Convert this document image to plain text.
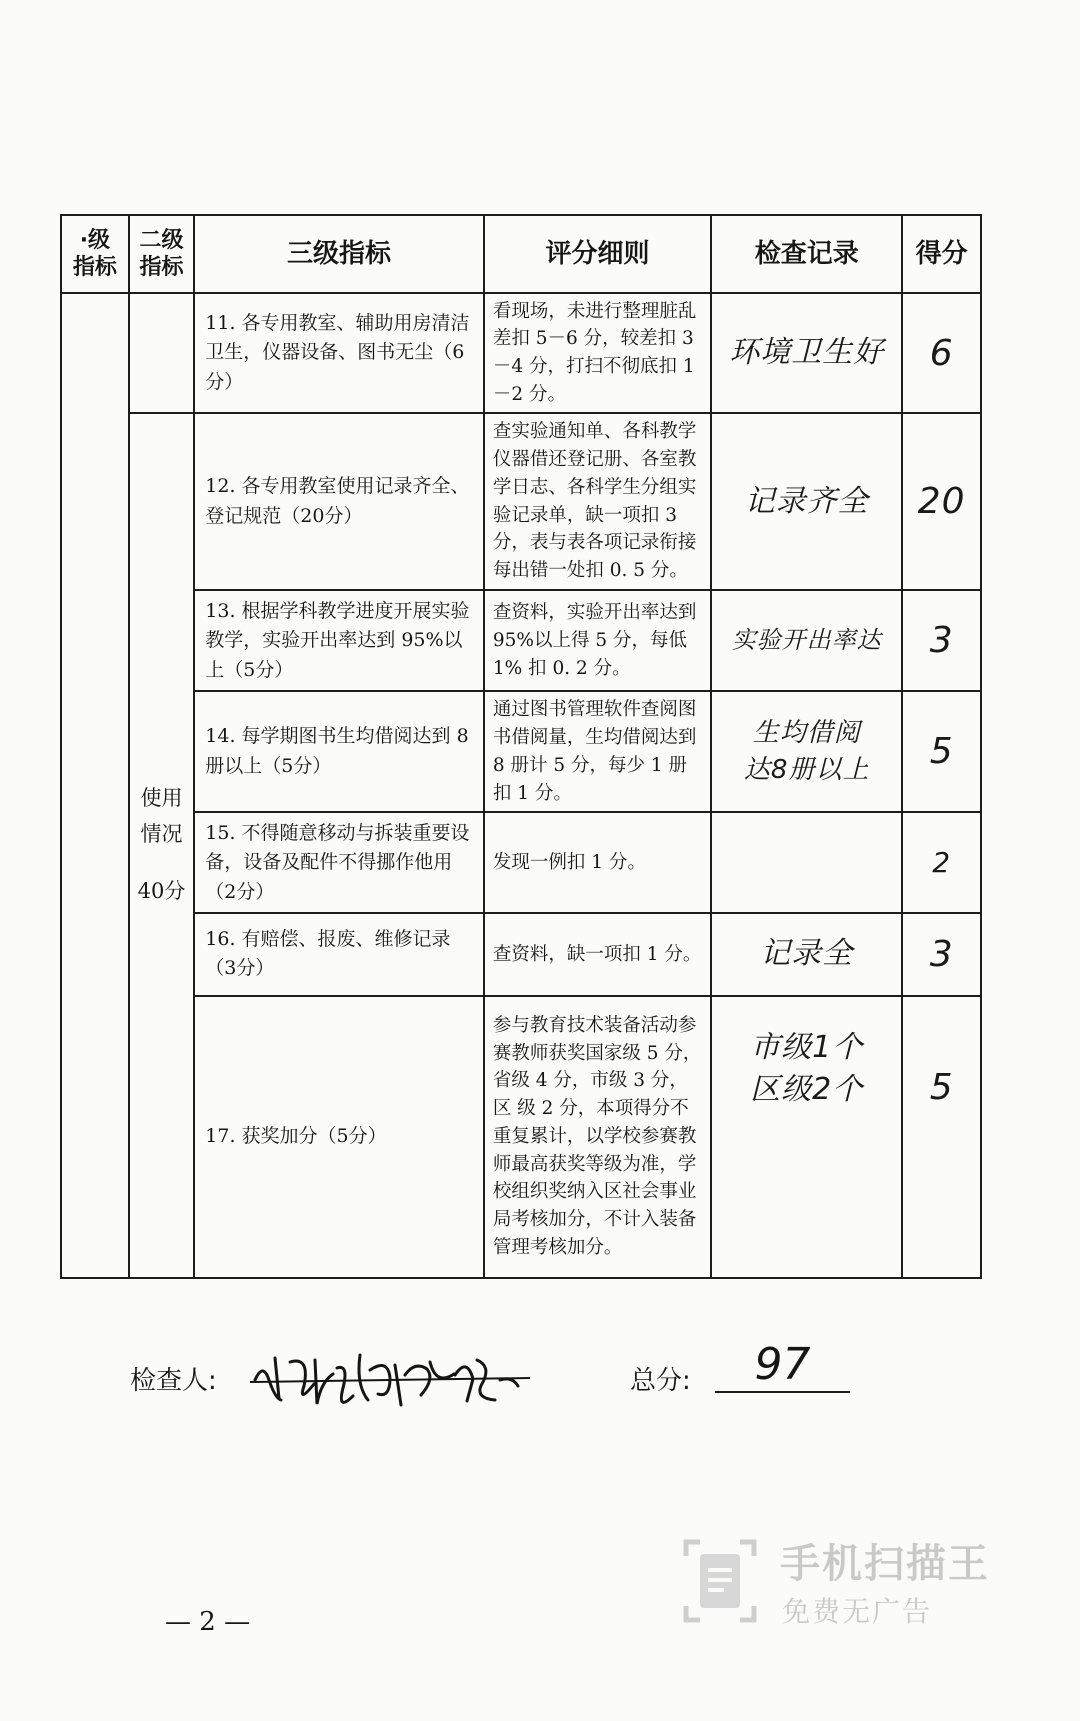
·级
指标	二级
指标	三级指标	评分细则	检查记录	得分

		11. 各专用教室、辅助用房清洁卫生，仪器设备、图书无尘（6分）	看现场，未进行整理脏乱差扣 5－6 分，较差扣 3－4 分，打扫不彻底扣 1－2 分。	环境卫生好	6

	使用
情况
40分	12. 各专用教室使用记录齐全、登记规范（20分）	查实验通知单、各科教学仪器借还登记册、各室教学日志、各科学生分组实验记录单，缺一项扣 3 分，表与表各项记录衔接每出错一处扣 0. 5 分。	记录齐全	20

		13. 根据学科教学进度开展实验教学，实验开出率达到 95%以上（5分）	查资料，实验开出率达到 95%以上得 5 分，每低 1% 扣 0. 2 分。	实验开出率达	3

		14. 每学期图书生均借阅达到 8 册以上（5分）	通过图书管理软件查阅图书借阅量，生均借阅达到 8 册计 5 分，每少 1 册扣 1 分。	生均借阅
达8册以上	5

		15. 不得随意移动与拆装重要设备，设备及配件不得挪作他用（2分）	发现一例扣 1 分。		2

		16. 有赔偿、报废、维修记录（3分）	查资料，缺一项扣 1 分。	记录全	3

		17. 获奖加分（5分）	参与教育技术装备活动参赛教师获奖国家级 5 分，省级 4 分，市级 3 分，区 级 2 分，本项得分不重复累计，以学校参赛教师最高获奖等级为准，学校组织奖纳入区社会事业局考核加分，不计入装备管理考核加分。	市级1个
区级2个	5
检查人:	总分:	97
— 2 —
手机扫描王
免费无广告
